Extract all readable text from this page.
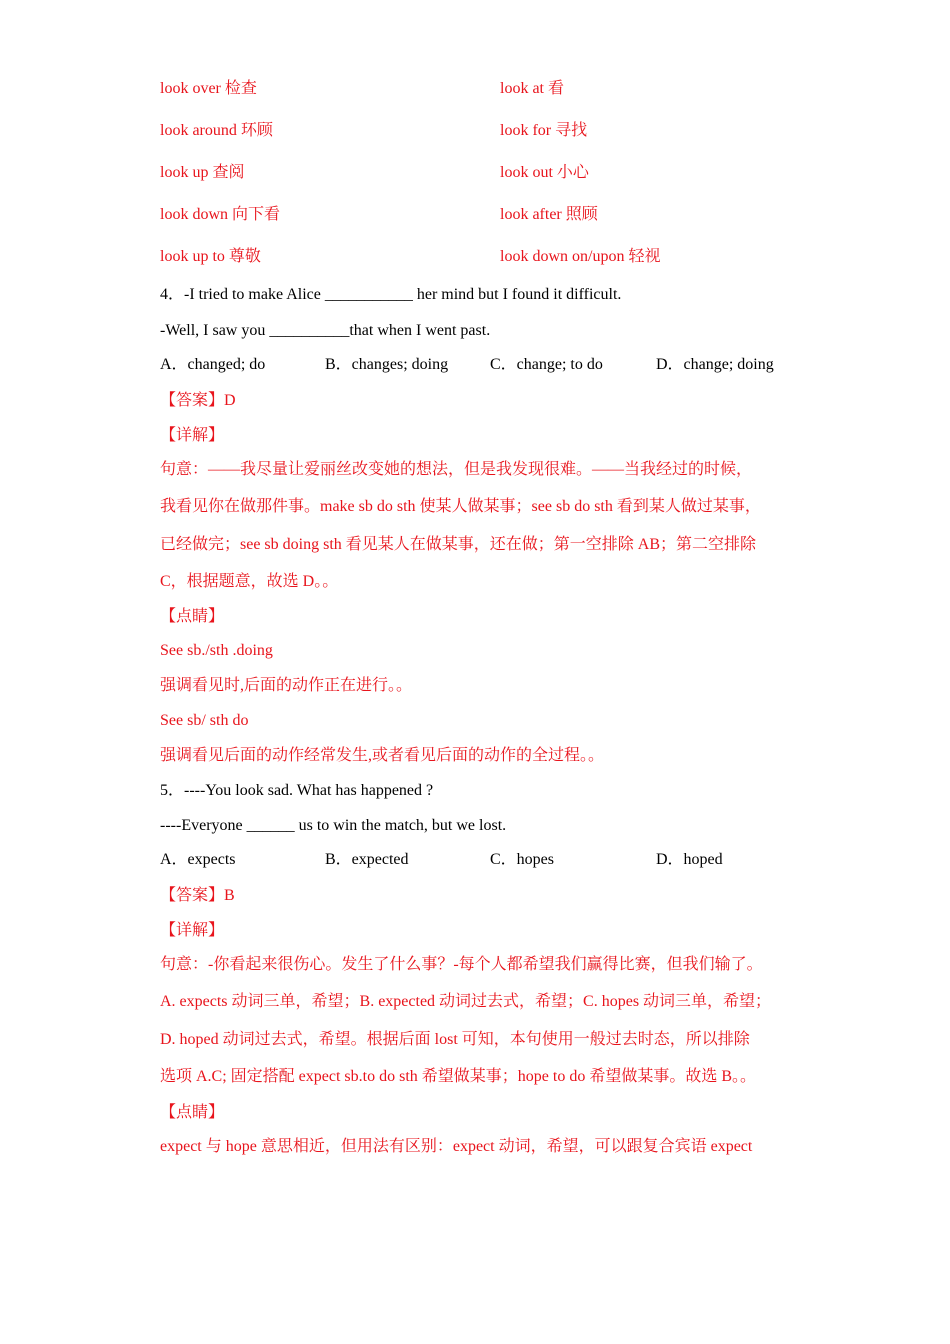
look over 检查	look at 看
look around 环顾	look for 寻找
look up 查阅	look out 小心
look down 向下看	look after 照顾
look up to 尊敬	look down on/upon 轻视
4．-I tried to make Alice ___________ her mind but I found it difficult.
-Well, I saw you __________that when I went past.
A．changed; do	B．changes; doing	C．change; to do	D．change; doing
【答案】D
【详解】
句意：——我尽量让爱丽丝改变她的想法，但是我发现很难。——当我经过的时候，
我看见你在做那件事。make sb do sth 使某人做某事；see sb do sth 看到某人做过某事，
已经做完；see sb doing sth 看见某人在做某事，还在做；第一空排除 AB；第二空排除
C，根据题意，故选 D。。
【点睛】
See sb./sth .doing
强调看见时,后面的动作正在进行。。
See sb/ sth do
强调看见后面的动作经常发生,或者看见后面的动作的全过程。。
5．----You look sad. What has happened ?
----Everyone ______ us to win the match, but we lost.
A．expects	B．expected	C．hopes	D．hoped
【答案】B
【详解】
句意：-你看起来很伤心。发生了什么事？-每个人都希望我们赢得比赛，但我们输了。
A. expects 动词三单，希望；B. expected 动词过去式，希望；C. hopes 动词三单，希望；
D. hoped 动词过去式，希望。根据后面 lost 可知，本句使用一般过去时态，所以排除
选项 A.C; 固定搭配 expect sb.to do sth 希望做某事；hope to do 希望做某事。故选 B。。
【点睛】
expect 与 hope 意思相近，但用法有区别：expect 动词，希望，可以跟复合宾语 expect
